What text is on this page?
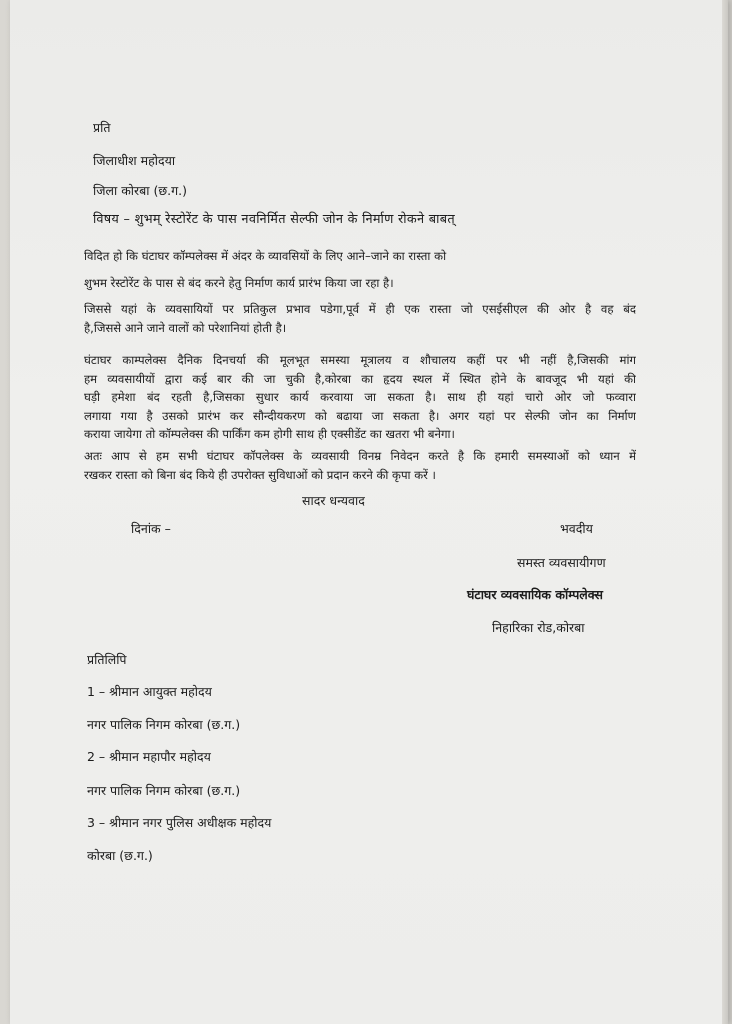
प्रति
जिलाधीश महोदया
जिला कोरबा (छ.ग.)
विषय – शुभम् रेस्टोरेंट के पास नवनिर्मित सेल्फी जोन के निर्माण रोकने बाबत्
विदित हो कि घंटाघर कॉम्पलेक्स में अंदर के व्यावसियों के लिए आने–जाने का रास्ता को
शुभम रेस्टोरेंट के पास से बंद करने हेतु निर्माण कार्य प्रारंभ किया जा रहा है।
जिससे यहां के व्यवसायियों पर प्रतिकुल प्रभाव पडेगा,पूर्व में ही एक रास्ता जो एसईसीएल की ओर है वह बंद
है,जिससे आने जाने वालों को परेशानियां होती है।
घंटाघर काम्पलेक्स दैनिक दिनचर्या की मूलभूत समस्या मूत्रालय व शौचालय कहीं पर भी नहीं है,जिसकी मांग
हम व्यवसायीयों द्वारा कई बार की जा चुकी है,कोरबा का हृदय स्थल में स्थित होने के बावजूद भी यहां की
घड़ी हमेशा बंद रहती है,जिसका सुधार कार्य करवाया जा सकता है। साथ ही यहां चारो ओर जो फव्वारा
लगाया गया है उसको प्रारंभ कर सौन्दीयकरण को बढाया जा सकता है। अगर यहां पर सेल्फी जोन का निर्माण
कराया जायेगा तो कॉम्पलेक्स की पार्किंग कम होगी साथ ही एक्सीडेंट का खतरा भी बनेगा।
अतः आप से हम सभी घंटाघर कॉपलेक्स के व्यवसायी विनम्र निवेदन करते है कि हमारी समस्याओं को ध्यान में
रखकर रास्ता को बिना बंद किये ही उपरोक्त सुविधाओं को प्रदान करने की कृपा करें ।
सादर धन्यवाद
दिनांक –	भवदीय
समस्त व्यवसायीगण
घंटाघर व्यवसायिक कॉम्पलेक्स
निहारिका रोड,कोरबा
प्रतिलिपि
1 – श्रीमान आयुक्त महोदय
नगर पालिक निगम कोरबा (छ.ग.)
2 – श्रीमान महापौर महोदय
नगर पालिक निगम कोरबा (छ.ग.)
3 – श्रीमान नगर पुलिस अधीक्षक महोदय
कोरबा (छ.ग.)
